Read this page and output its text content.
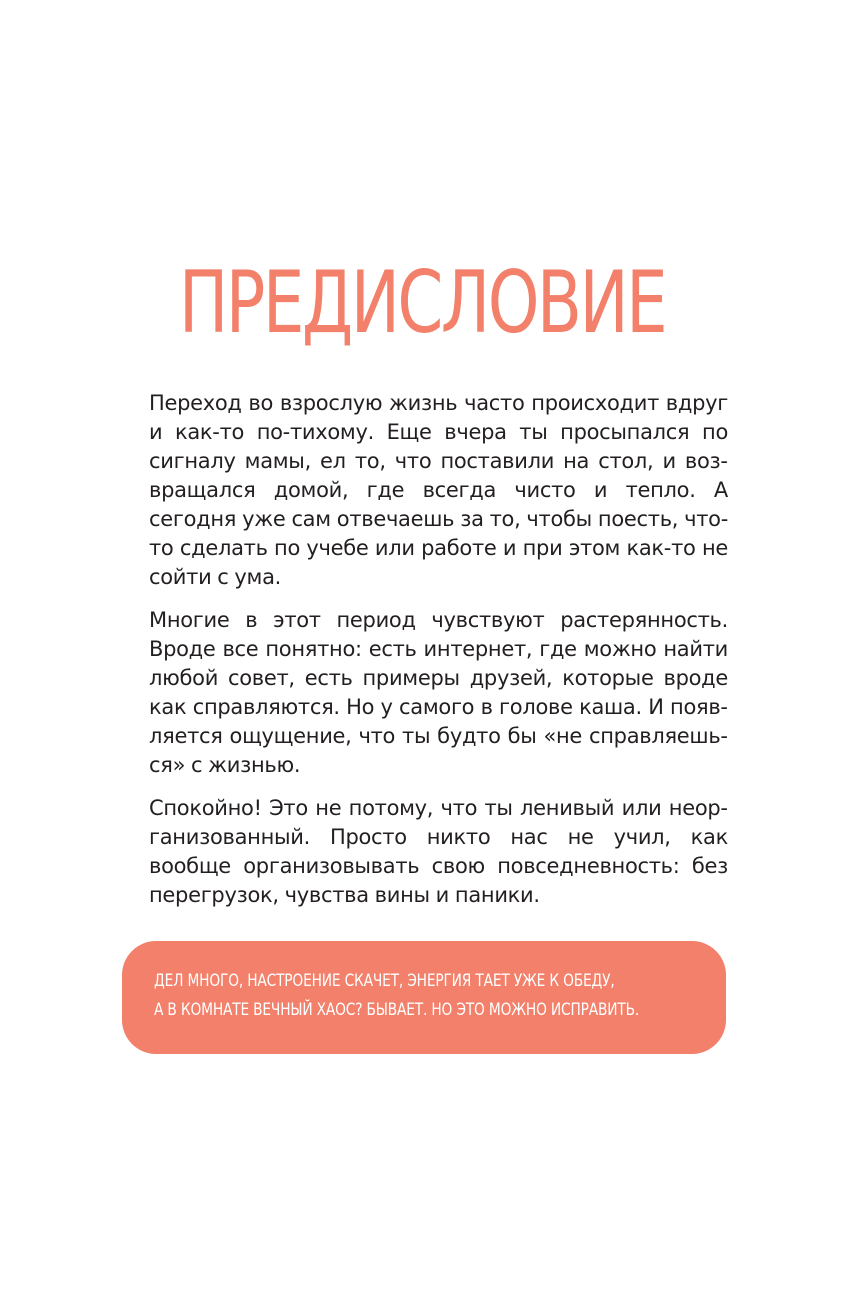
ПРЕДИСЛОВИЕ

Переход во взрослую жизнь часто происходит вдруг и как-то по-тихому. Еще вчера ты просыпался по сигналу мамы, ел то, что поставили на стол, и возвращался домой, где всегда чисто и тепло. А сегодня уже сам отвечаешь за то, чтобы поесть, что-то сделать по учебе или работе и при этом как-то не сойти с ума.

Многие в этот период чувствуют растерянность. Вроде все понятно: есть интернет, где можно найти любой совет, есть примеры друзей, которые вроде как справляются. Но у самого в голове каша. И появляется ощущение, что ты будто бы «не справляешься» с жизнью.

Спокойно! Это не потому, что ты ленивый или неорганизованный. Просто никто нас не учил, как вообще организовывать свою повседневность: без перегрузок, чувства вины и паники.

ДЕЛ МНОГО, НАСТРОЕНИЕ СКАЧЕТ, ЭНЕРГИЯ ТАЕТ УЖЕ К ОБЕДУ,
А В КОМНАТЕ ВЕЧНЫЙ ХАОС? БЫВАЕТ. НО ЭТО МОЖНО ИСПРАВИТЬ.
